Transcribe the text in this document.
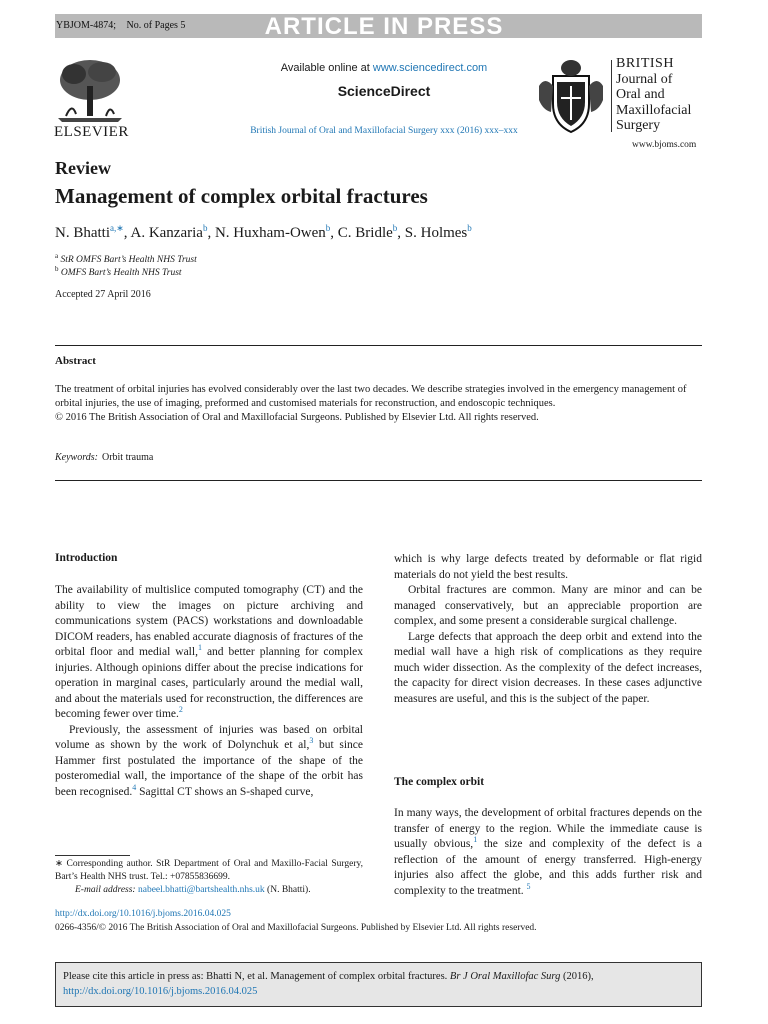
YBJOM-4874; No. of Pages 5	ARTICLE IN PRESS
ELSEVIER
Available online at www.sciencedirect.com
ScienceDirect
British Journal of Oral and Maxillofacial Surgery xxx (2016) xxx–xxx
BRITISH
Journal of
Oral and
Maxillofacial
Surgery
www.bjoms.com
Review
Management of complex orbital fractures
N. Bhatti$^{a,∗}$, A. Kanzaria$^b$, N. Huxham-Owen$^b$, C. Bridle$^b$, S. Holmes$^b$
$^a$ StR OMFS Bart’s Health NHS Trust
$^b$ OMFS Bart’s Health NHS Trust
Accepted 27 April 2016
Abstract
The treatment of orbital injuries has evolved considerably over the last two decades. We describe strategies involved in the emergency management of orbital injuries, the use of imaging, preformed and customised materials for reconstruction, and endoscopic techniques.
© 2016 The British Association of Oral and Maxillofacial Surgeons. Published by Elsevier Ltd. All rights reserved.
Keywords: Orbit trauma
Introduction

The availability of multislice computed tomography (CT) and the ability to view the images on picture archiving and communications system (PACS) workstations and downloadable DICOM readers, has enabled accurate diagnosis of fractures of the orbital floor and medial wall,$^1$ and better planning for complex injuries. Although opinions differ about the precise indications for operation in marginal cases, particularly around the medial wall, and about the materials used for reconstruction, the differences are becoming fewer over time.$^2$

Previously, the assessment of injuries was based on orbital volume as shown by the work of Dolynchuk et al,$^3$ but since Hammer first postulated the importance of the shape of the posteromedial wall, the importance of the shape of the orbit has been recognised.$^4$ Sagittal CT shows an S-shaped curve,

which is why large defects treated by deformable or flat rigid materials do not yield the best results.

Orbital fractures are common. Many are minor and can be managed conservatively, but an appreciable proportion are complex, and some present a considerable surgical challenge.

Large defects that approach the deep orbit and extend into the medial wall have a high risk of complications as they require much wider dissection. As the complexity of the defect increases, the capacity for direct vision decreases. In these cases adjunctive measures are useful, and this is the subject of the paper.

The complex orbit

In many ways, the development of orbital fractures depends on the transfer of energy to the region. While the immediate cause is usually obvious,$^1$ the size and complexity of the defect is a reflection of the amount of energy transferred. High-energy injuries also affect the globe, and this adds further risk and complexity to the treatment. $^5$

∗ Corresponding author. StR Department of Oral and Maxillo-Facial Surgery, Bart’s Health NHS trust. Tel.: +07855836699.
E-mail address: nabeel.bhatti@bartshealth.nhs.uk (N. Bhatti).
http://dx.doi.org/10.1016/j.bjoms.2016.04.025
0266-4356/© 2016 The British Association of Oral and Maxillofacial Surgeons. Published by Elsevier Ltd. All rights reserved.
Please cite this article in press as: Bhatti N, et al. Management of complex orbital fractures. Br J Oral Maxillofac Surg (2016),
http://dx.doi.org/10.1016/j.bjoms.2016.04.025
